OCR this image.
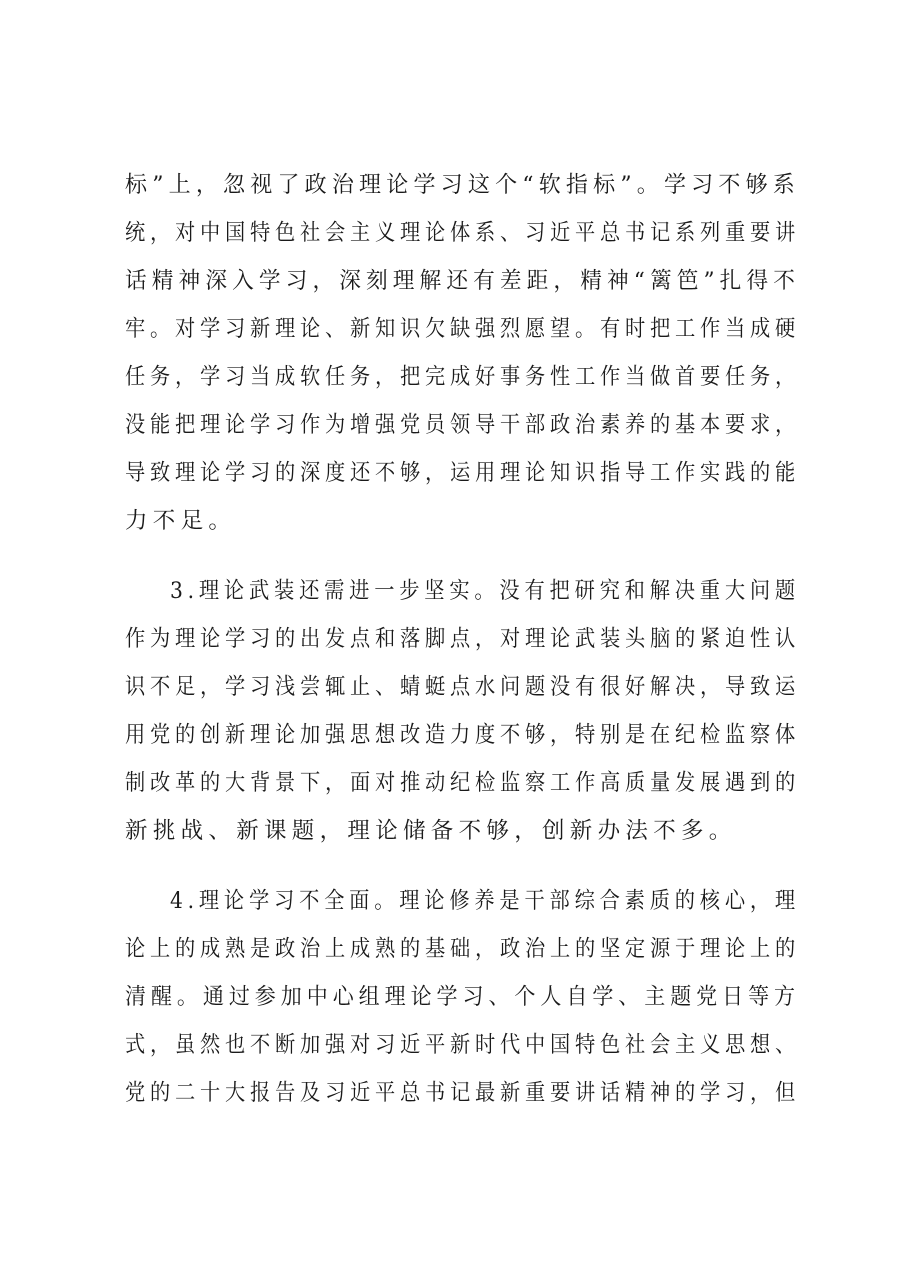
标”上，忽视了政治理论学习这个“软指标”。学习不够系
统，对中国特色社会主义理论体系、习近平总书记系列重要讲
话精神深入学习，深刻理解还有差距，精神“篱笆”扎得不
牢。对学习新理论、新知识欠缺强烈愿望。有时把工作当成硬
任务，学习当成软任务，把完成好事务性工作当做首要任务，
没能把理论学习作为增强党员领导干部政治素养的基本要求，
导致理论学习的深度还不够，运用理论知识指导工作实践的能
力不足。
3.理论武装还需进一步坚实。没有把研究和解决重大问题
作为理论学习的出发点和落脚点，对理论武装头脑的紧迫性认
识不足，学习浅尝辄止、蜻蜓点水问题没有很好解决，导致运
用党的创新理论加强思想改造力度不够，特别是在纪检监察体
制改革的大背景下，面对推动纪检监察工作高质量发展遇到的
新挑战、新课题，理论储备不够，创新办法不多。
4.理论学习不全面。理论修养是干部综合素质的核心，理
论上的成熟是政治上成熟的基础，政治上的坚定源于理论上的
清醒。通过参加中心组理论学习、个人自学、主题党日等方
式，虽然也不断加强对习近平新时代中国特色社会主义思想、
党的二十大报告及习近平总书记最新重要讲话精神的学习，但
